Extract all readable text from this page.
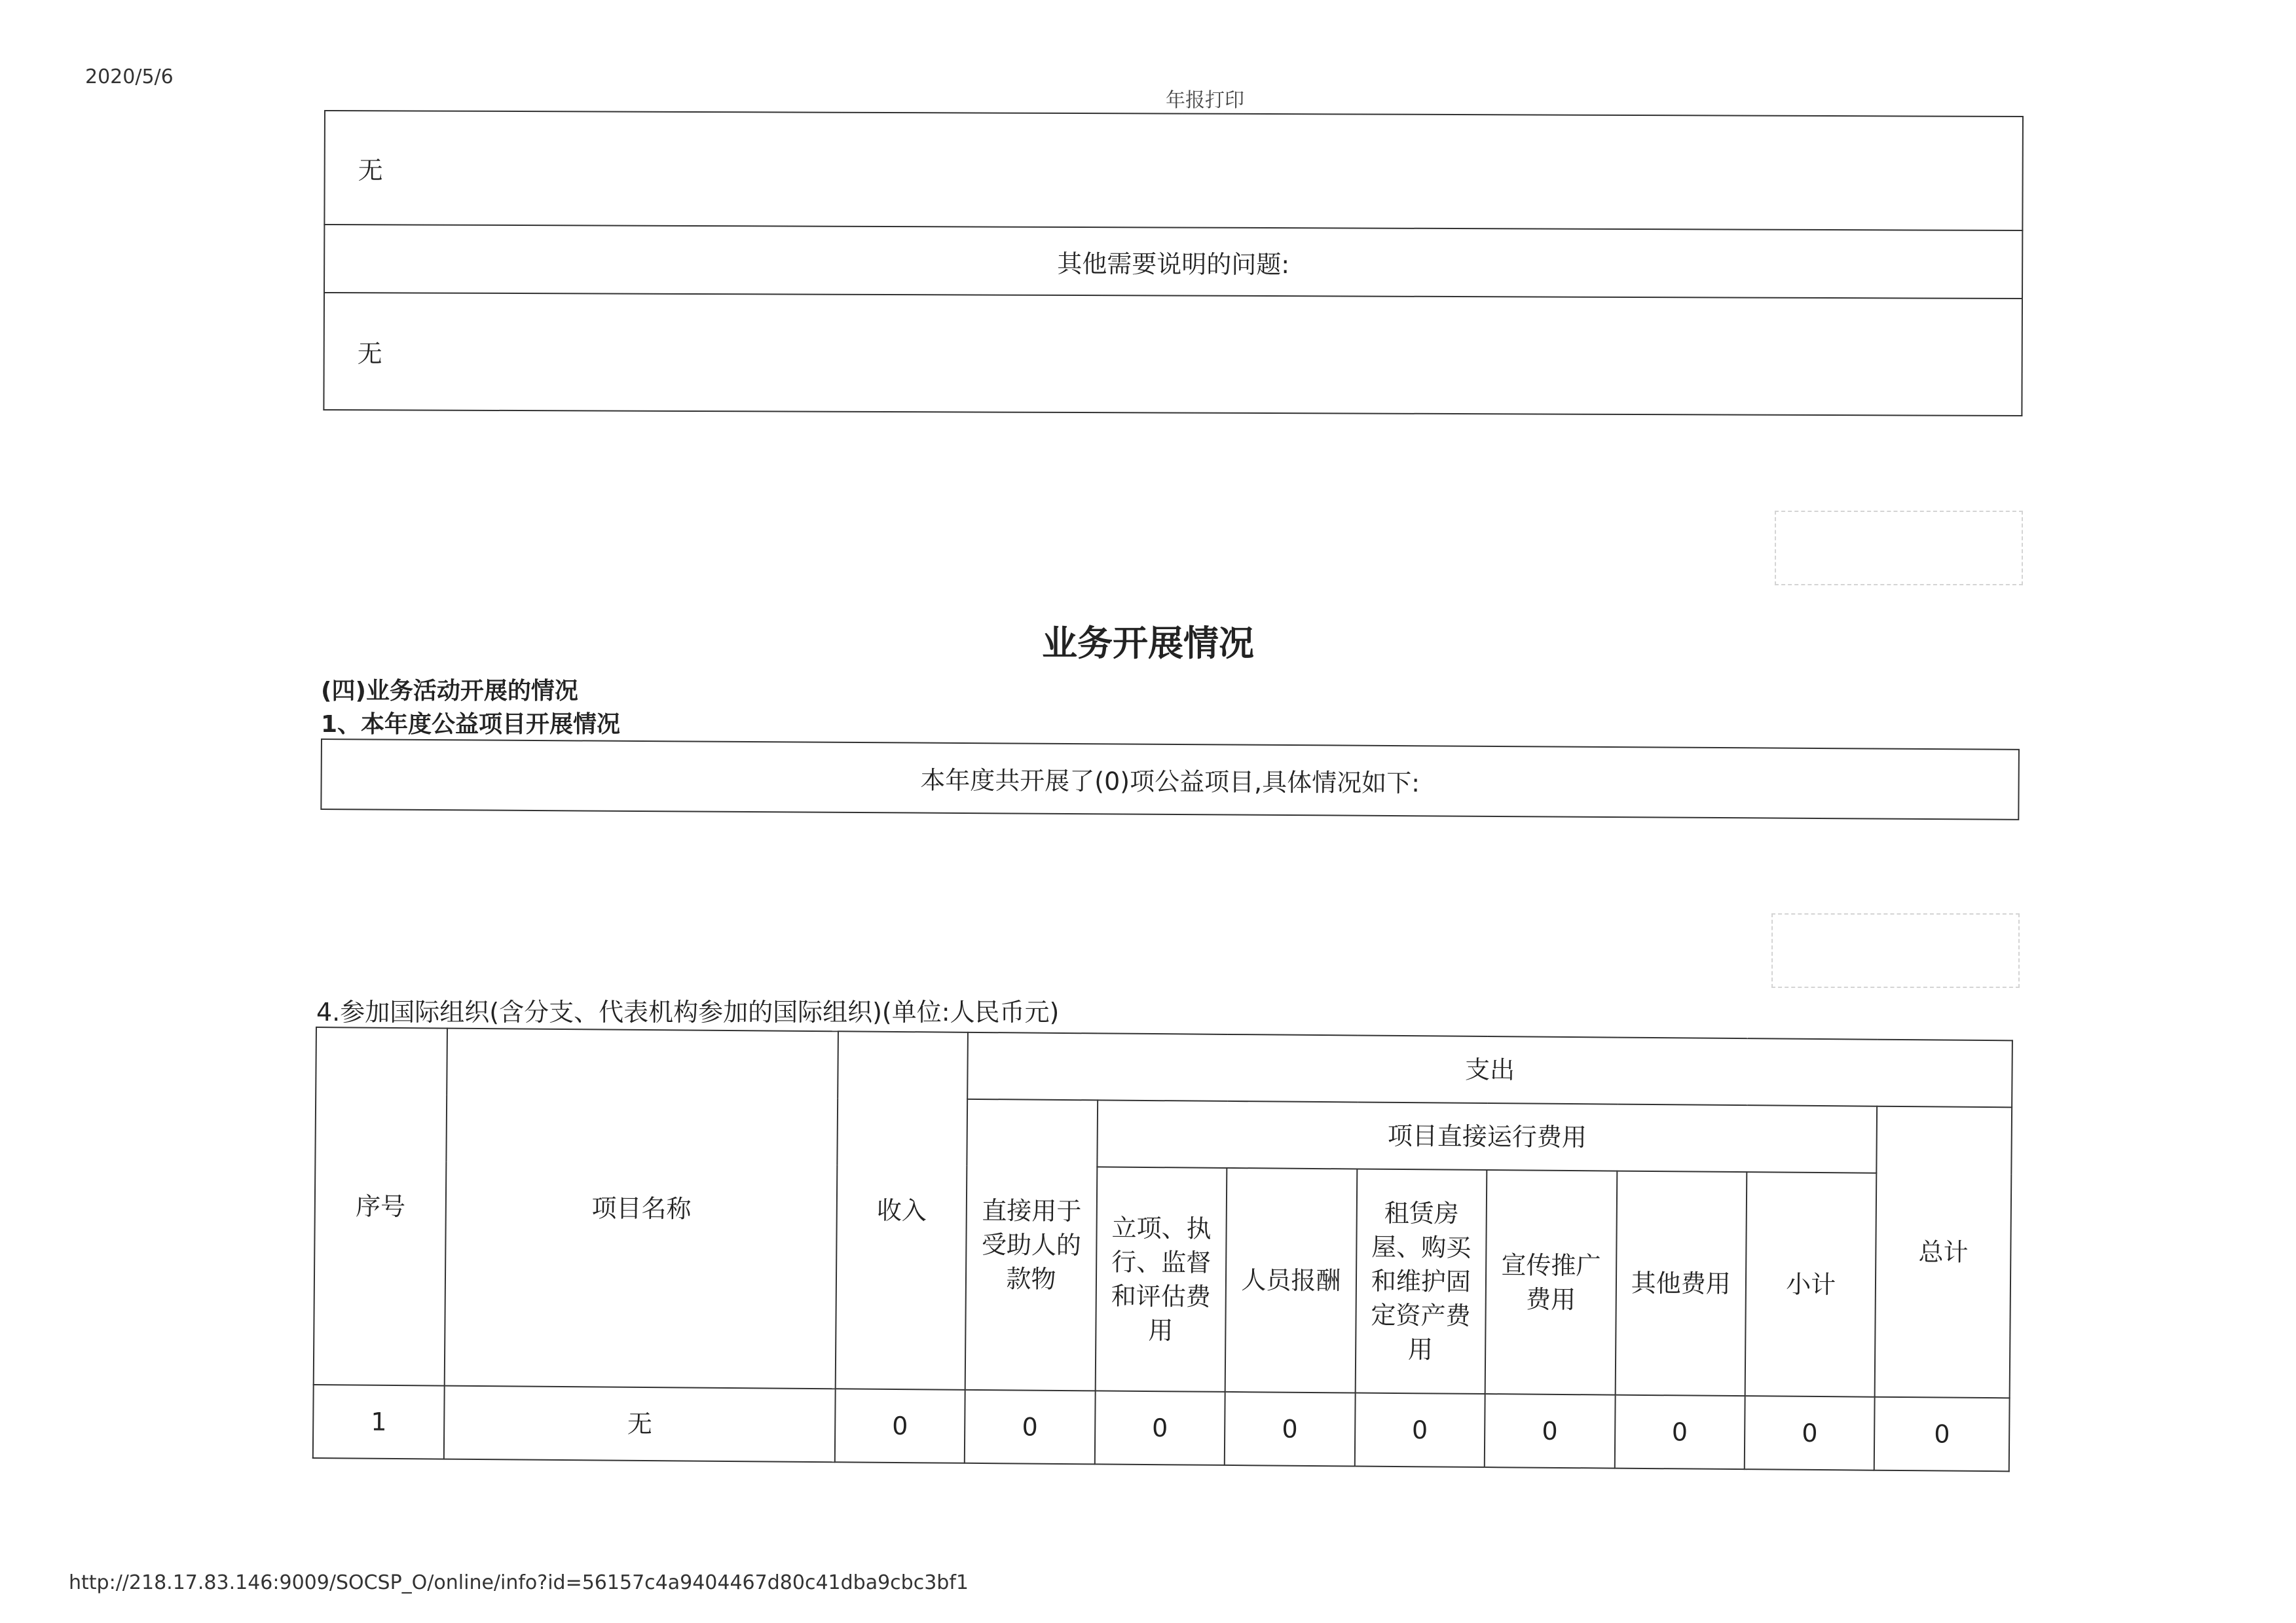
2020/5/6
年报打印
无
其他需要说明的问题:
无
业务开展情况
(四)业务活动开展的情况
1、本年度公益项目开展情况
本年度共开展了(0)项公益项目,具体情况如下:
4.参加国际组织(含分支、代表机构参加的国际组织)(单位:人民币元)
序号	项目名称	收入	支出							
			直接用于受助人的款物	项目直接运行费用						总计
				立项、执行、监督和评估费用	人员报酬	租赁房屋、购买和维护固定资产费用	宣传推广费用	其他费用	小计	
1	无	0	0	0	0	0	0	0	0	0
http://218.17.83.146:9009/SOCSP_O/online/info?id=56157c4a9404467d80c41dba9cbc3bf1
